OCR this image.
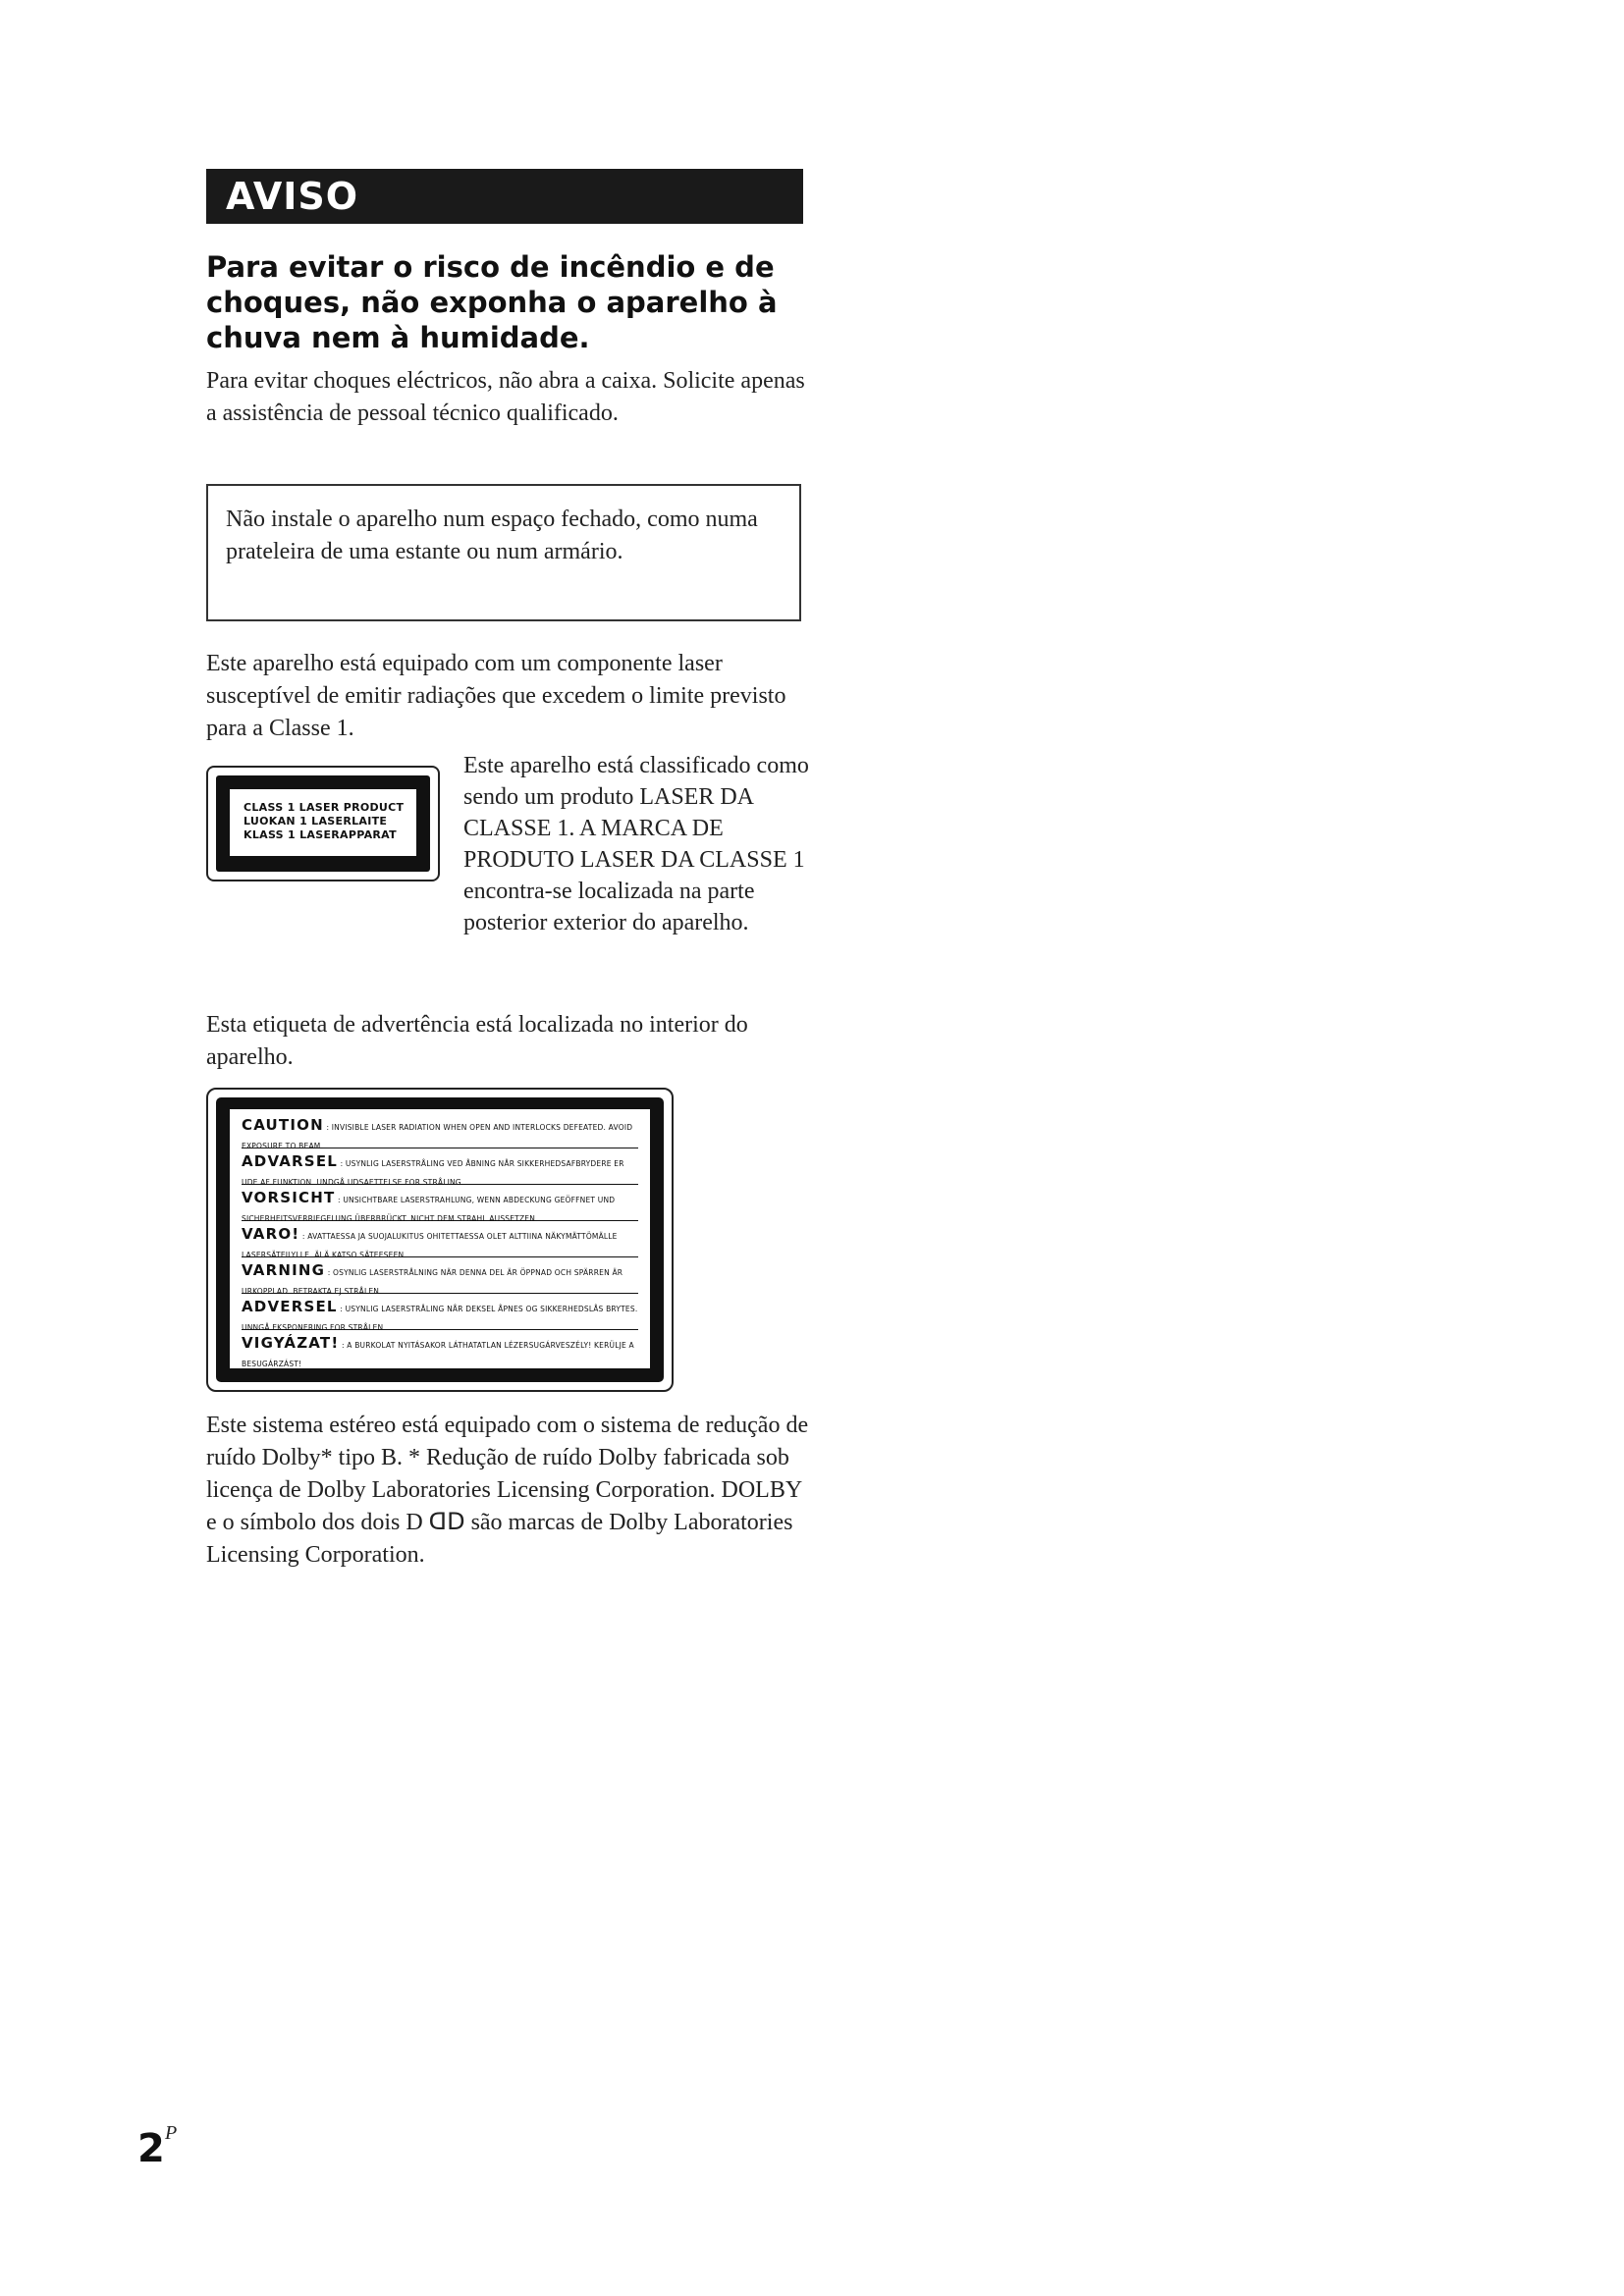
AVISO
Para evitar o risco de incêndio e de choques, não exponha o aparelho à chuva nem à humidade.
Para evitar choques eléctricos, não abra a caixa. Solicite apenas a assistência de pessoal técnico qualificado.
Não instale o aparelho num espaço fechado, como numa prateleira de uma estante ou num armário.
Este aparelho está equipado com um componente laser susceptível de emitir radiações que excedem o limite previsto para a Classe 1.
CLASS 1 LASER PRODUCT
LUOKAN 1 LASERLAITE
KLASS 1 LASERAPPARAT
Este aparelho está classificado como sendo um produto LASER DA CLASSE 1. A MARCA DE PRODUTO LASER DA CLASSE 1 encontra-se localizada na parte posterior exterior do aparelho.
Esta etiqueta de advertência está localizada no interior do aparelho.
CAUTION : INVISIBLE LASER RADIATION WHEN OPEN AND INTERLOCKS DEFEATED. AVOID EXPOSURE TO BEAM.
ADVARSEL : USYNLIG LASERSTRÅLING VED ÅBNING NÅR SIKKERHEDSAFBRYDERE ER UDE AF FUNKTION. UNDGÅ UDSAETTELSE FOR STRÅLING.
VORSICHT : UNSICHTBARE LASERSTRAHLUNG, WENN ABDECKUNG GEÖFFNET UND SICHERHEITSVERRIEGELUNG ÜBERBRÜCKT. NICHT DEM STRAHL AUSSETZEN.
VARO! : AVATTAESSA JA SUOJALUKITUS OHITETTAESSA OLET ALTTIINA NÄKYMÄTTÖMÄLLE LASERSÄTEILYLLE. ÄLÄ KATSO SÄTEESEEN.
VARNING : OSYNLIG LASERSTRÅLNING NÄR DENNA DEL ÄR ÖPPNAD OCH SPÄRREN ÄR URKOPPLAD. BETRAKTA EJ STRÅLEN.
ADVERSEL : USYNLIG LASERSTRÅLING NÅR DEKSEL ÅPNES OG SIKKERHEDSLÅS BRYTES. UNNGÅ EKSPONERING FOR STRÅLEN.
VIGYÁZAT! : A BURKOLAT NYITÁSAKOR LÁTHATATLAN LÉZERSUGÁRVESZÉLY! KERÜLJE A BESUGÁRZÁST!
Este sistema estéreo está equipado com o sistema de redução de ruído Dolby* tipo B. * Redução de ruído Dolby fabricada sob licença de Dolby Laboratories Licensing Corporation. DOLBY e o símbolo dos dois D ᗡᗞ são marcas de Dolby Laboratories Licensing Corporation.
2 P
